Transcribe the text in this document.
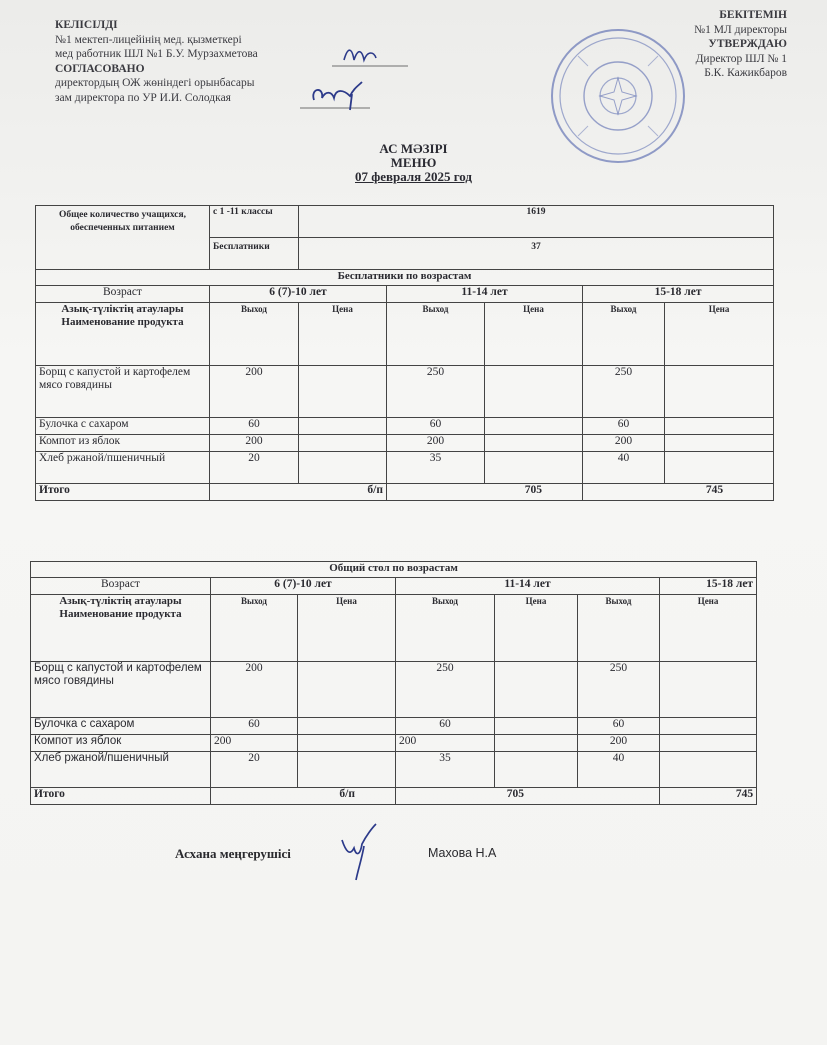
КЕЛІСІЛДІ
№1 мектеп-лицейінің мед. қызметкері
мед работник ШЛ №1 Б.У. Мурзахметова
СОГЛАСОВАНО
директордың ОЖ жөніндегі орынбасары
зам директора по УР И.И. Солодкая
БЕКІТЕМІН
№1 МЛ директоры
УТВЕРЖДАЮ
Директор ШЛ № 1
Б.К. Кажикбаров
АС МӘЗІРІ
МЕНЮ
07 февраля 2025 год
Общее количество учащихся, обеспеченных питанием	с 1 -11 классы	1619				
	Бесплатники	37				
Бесплатники по возрастам						
Возраст	6 (7)-10 лет		11-14 лет		15-18 лет	
Азық-түліктің атаулары Наименование продукта	Выход	Цена	Выход	Цена	Выход	Цена
Борщ с капустой и картофелем мясо говядины	200		250		250	
Булочка с сахаром	60		60		60	
Компот из яблок	200		200		200	
Хлеб ржаной/пшеничный	20		35		40	
Итого	б/п		705		745	
Общий стол по возрастам						
Возраст	6 (7)-10 лет		11-14 лет			15-18 лет
Азық-түліктің атаулары Наименование продукта	Выход	Цена	Выход	Цена	Выход	Цена
Борщ с капустой и картофелем мясо говядины	200		250		250	
Булочка с сахаром	60		60		60	
Компот из яблок	200		200		200	
Хлеб ржаной/пшеничный	20		35		40	
Итого	б/п		705			745
Асхана меңгерушісі	Махова Н.А
